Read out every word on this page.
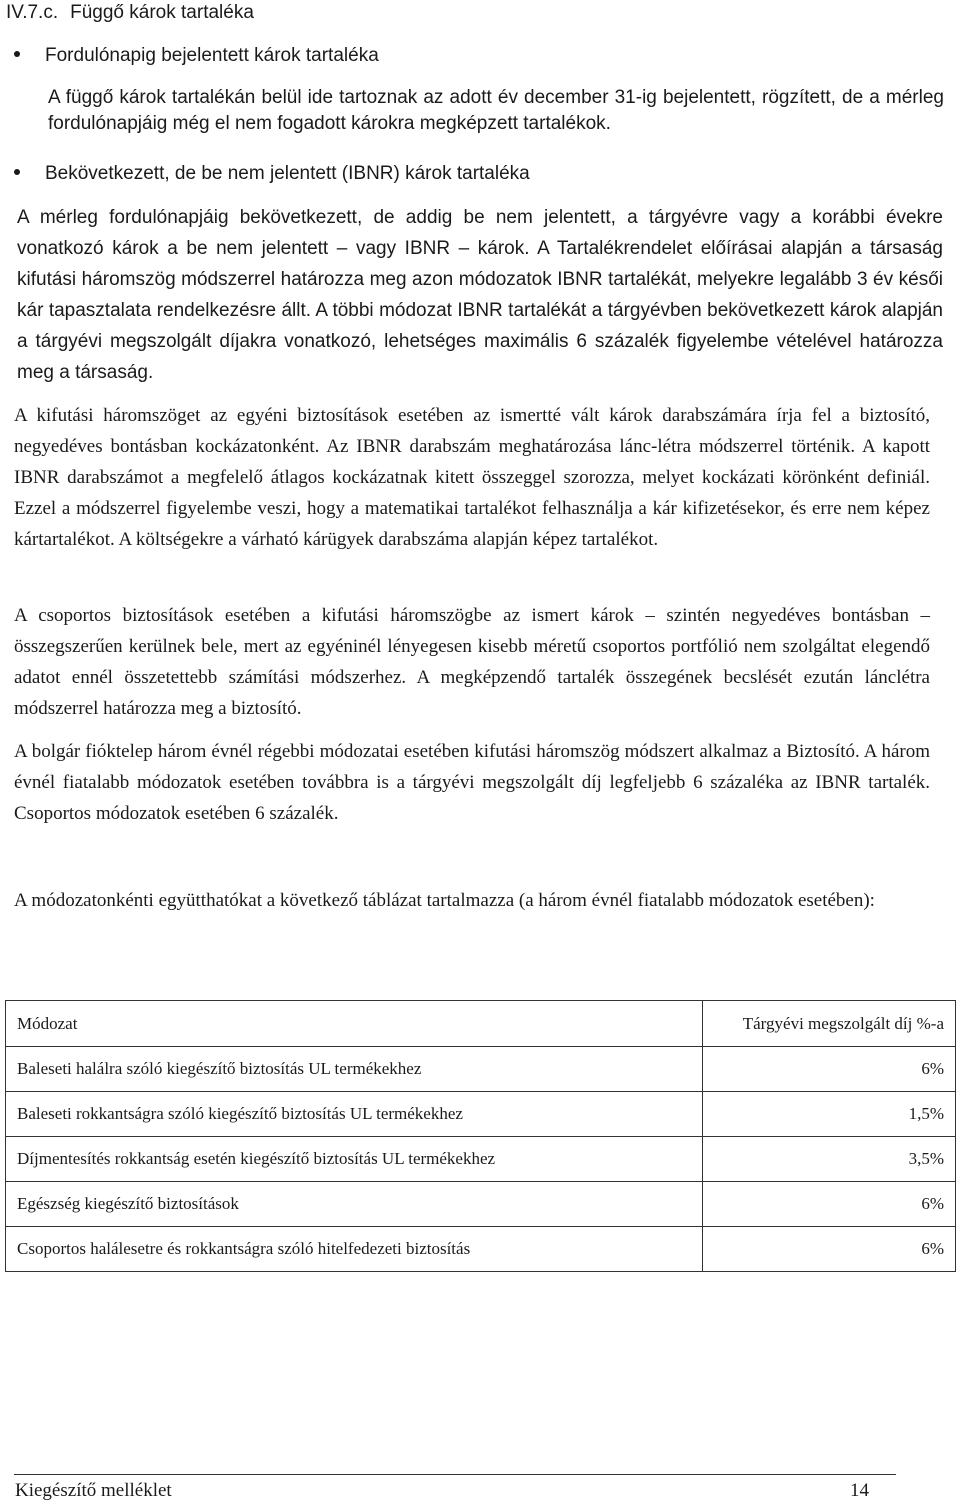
IV.7.c. Függő károk tartaléka
Fordulónapig bejelentett károk tartaléka
A függő károk tartalékán belül ide tartoznak az adott év december 31-ig bejelentett, rögzített, de a mérleg fordulónapjáig még el nem fogadott károkra megképzett tartalékok.
Bekövetkezett, de be nem jelentett (IBNR) károk tartaléka
A mérleg fordulónapjáig bekövetkezett, de addig be nem jelentett, a tárgyévre vagy a korábbi évekre vonatkozó károk a be nem jelentett – vagy IBNR – károk. A Tartalékrendelet előírásai alapján a társaság kifutási háromszög módszerrel határozza meg azon módozatok IBNR tartalékát, melyekre legalább 3 év késői kár tapasztalata rendelkezésre állt. A többi módozat IBNR tartalékát a tárgyévben bekövetkezett károk alapján a tárgyévi megszolgált díjakra vonatkozó, lehetséges maximális 6 százalék figyelembe vételével határozza meg a társaság.
A kifutási háromszöget az egyéni biztosítások esetében az ismertté vált károk darabszámára írja fel a biztosító, negyedéves bontásban kockázatonként. Az IBNR darabszám meghatározása lánc-létra módszerrel történik. A kapott IBNR darabszámot a megfelelő átlagos kockázatnak kitett összeggel szorozza, melyet kockázati körönként definiál. Ezzel a módszerrel figyelembe veszi, hogy a matematikai tartalékot felhasználja a kár kifizetésekor, és erre nem képez kártartalékot. A költségekre a várható kárügyek darabszáma alapján képez tartalékot.
A csoportos biztosítások esetében a kifutási háromszögbe az ismert károk – szintén negyedéves bontásban – összegszerűen kerülnek bele, mert az egyéninél lényegesen kisebb méretű csoportos portfólió nem szolgáltat elegendő adatot ennél összetettebb számítási módszerhez. A megképzendő tartalék összegének becslését ezután lánclétra módszerrel határozza meg a biztosító.
A bolgár fióktelep három évnél régebbi módozatai esetében kifutási háromszög módszert alkalmaz a Biztosító. A három évnél fiatalabb módozatok esetében továbbra is a tárgyévi megszolgált díj legfeljebb 6 százaléka az IBNR tartalék. Csoportos módozatok esetében 6 százalék.
A módozatonkénti együtthatókat a következő táblázat tartalmazza (a három évnél fiatalabb módozatok esetében):
Módozat	Tárgyévi megszolgált díj %-a
Baleseti halálra szóló kiegészítő biztosítás UL termékekhez	6%
Baleseti rokkantságra szóló kiegészítő biztosítás UL termékekhez	1,5%
Díjmentesítés rokkantság esetén kiegészítő biztosítás UL termékekhez	3,5%
Egészség kiegészítő biztosítások	6%
Csoportos halálesetre és rokkantságra szóló hitelfedezeti biztosítás	6%
Kiegészítő melléklet	14
